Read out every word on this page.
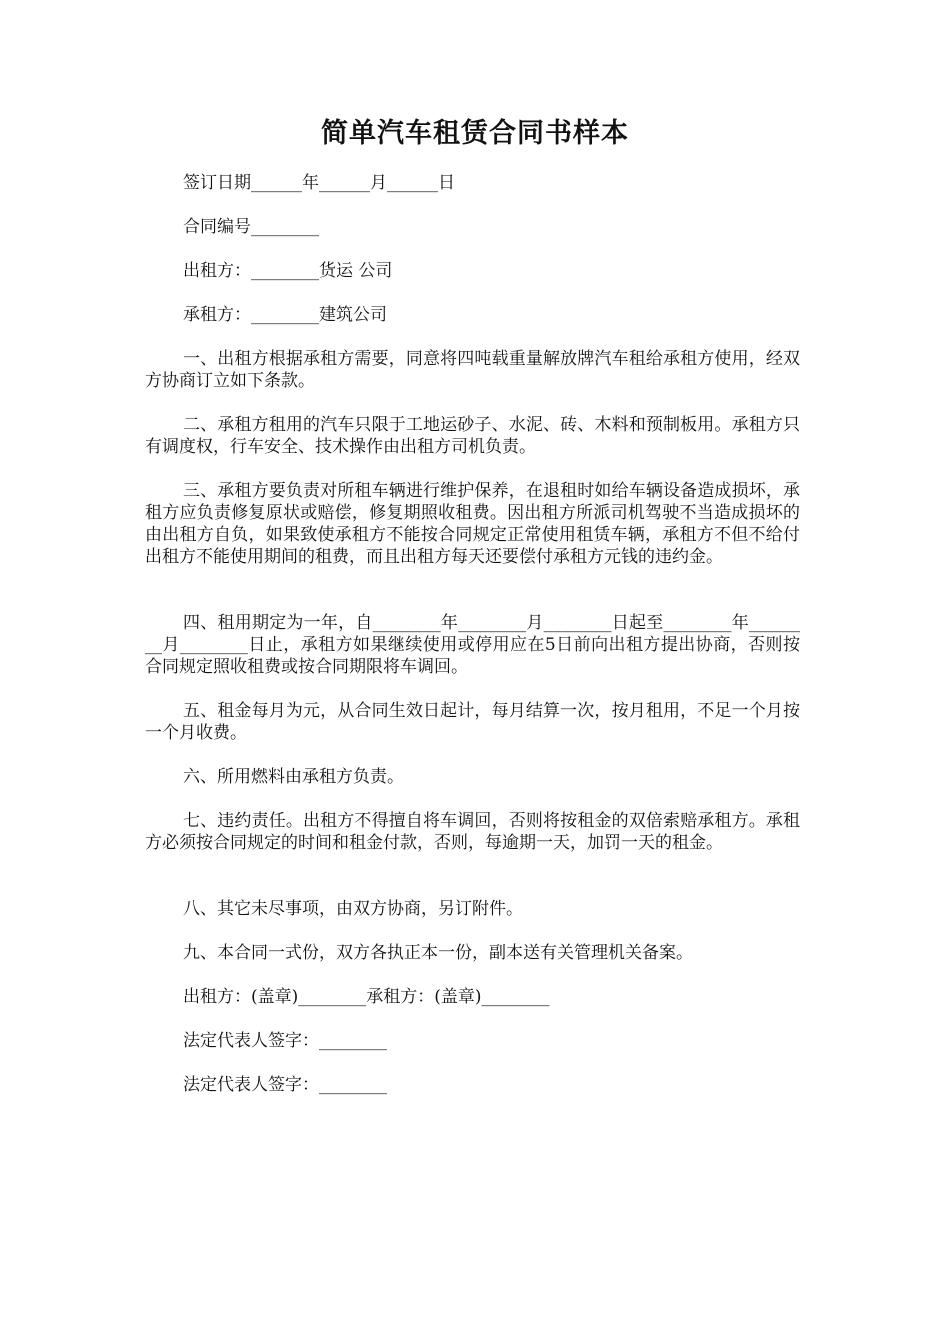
简单汽车租赁合同书样本

签订日期______年______月______日

合同编号________

出租方：________货运 公司

承租方：________建筑公司

一、出租方根据承租方需要，同意将四吨载重量解放牌汽车租给承租方使用，经双方协商订立如下条款。

二、承租方租用的汽车只限于工地运砂子、水泥、砖、木料和预制板用。承租方只有调度权，行车安全、技术操作由出租方司机负责。

三、承租方要负责对所租车辆进行维护保养，在退租时如给车辆设备造成损坏，承租方应负责修复原状或赔偿，修复期照收租费。因出租方所派司机驾驶不当造成损坏的由出租方自负，如果致使承租方不能按合同规定正常使用租赁车辆，承租方不但不给付出租方不能使用期间的租费，而且出租方每天还要偿付承租方元钱的违约金。

四、租用期定为一年，自________年________月________日起至________年________月________日止，承租方如果继续使用或停用应在5日前向出租方提出协商，否则按合同规定照收租费或按合同期限将车调回。

五、租金每月为元，从合同生效日起计，每月结算一次，按月租用，不足一个月按一个月收费。

六、所用燃料由承租方负责。

七、违约责任。出租方不得擅自将车调回，否则将按租金的双倍索赔承租方。承租方必须按合同规定的时间和租金付款，否则，每逾期一天，加罚一天的租金。

八、其它未尽事项，由双方协商，另订附件。

九、本合同一式份，双方各执正本一份，副本送有关管理机关备案。

出租方：(盖章)________承租方：(盖章)________

法定代表人签字：________

法定代表人签字：________
